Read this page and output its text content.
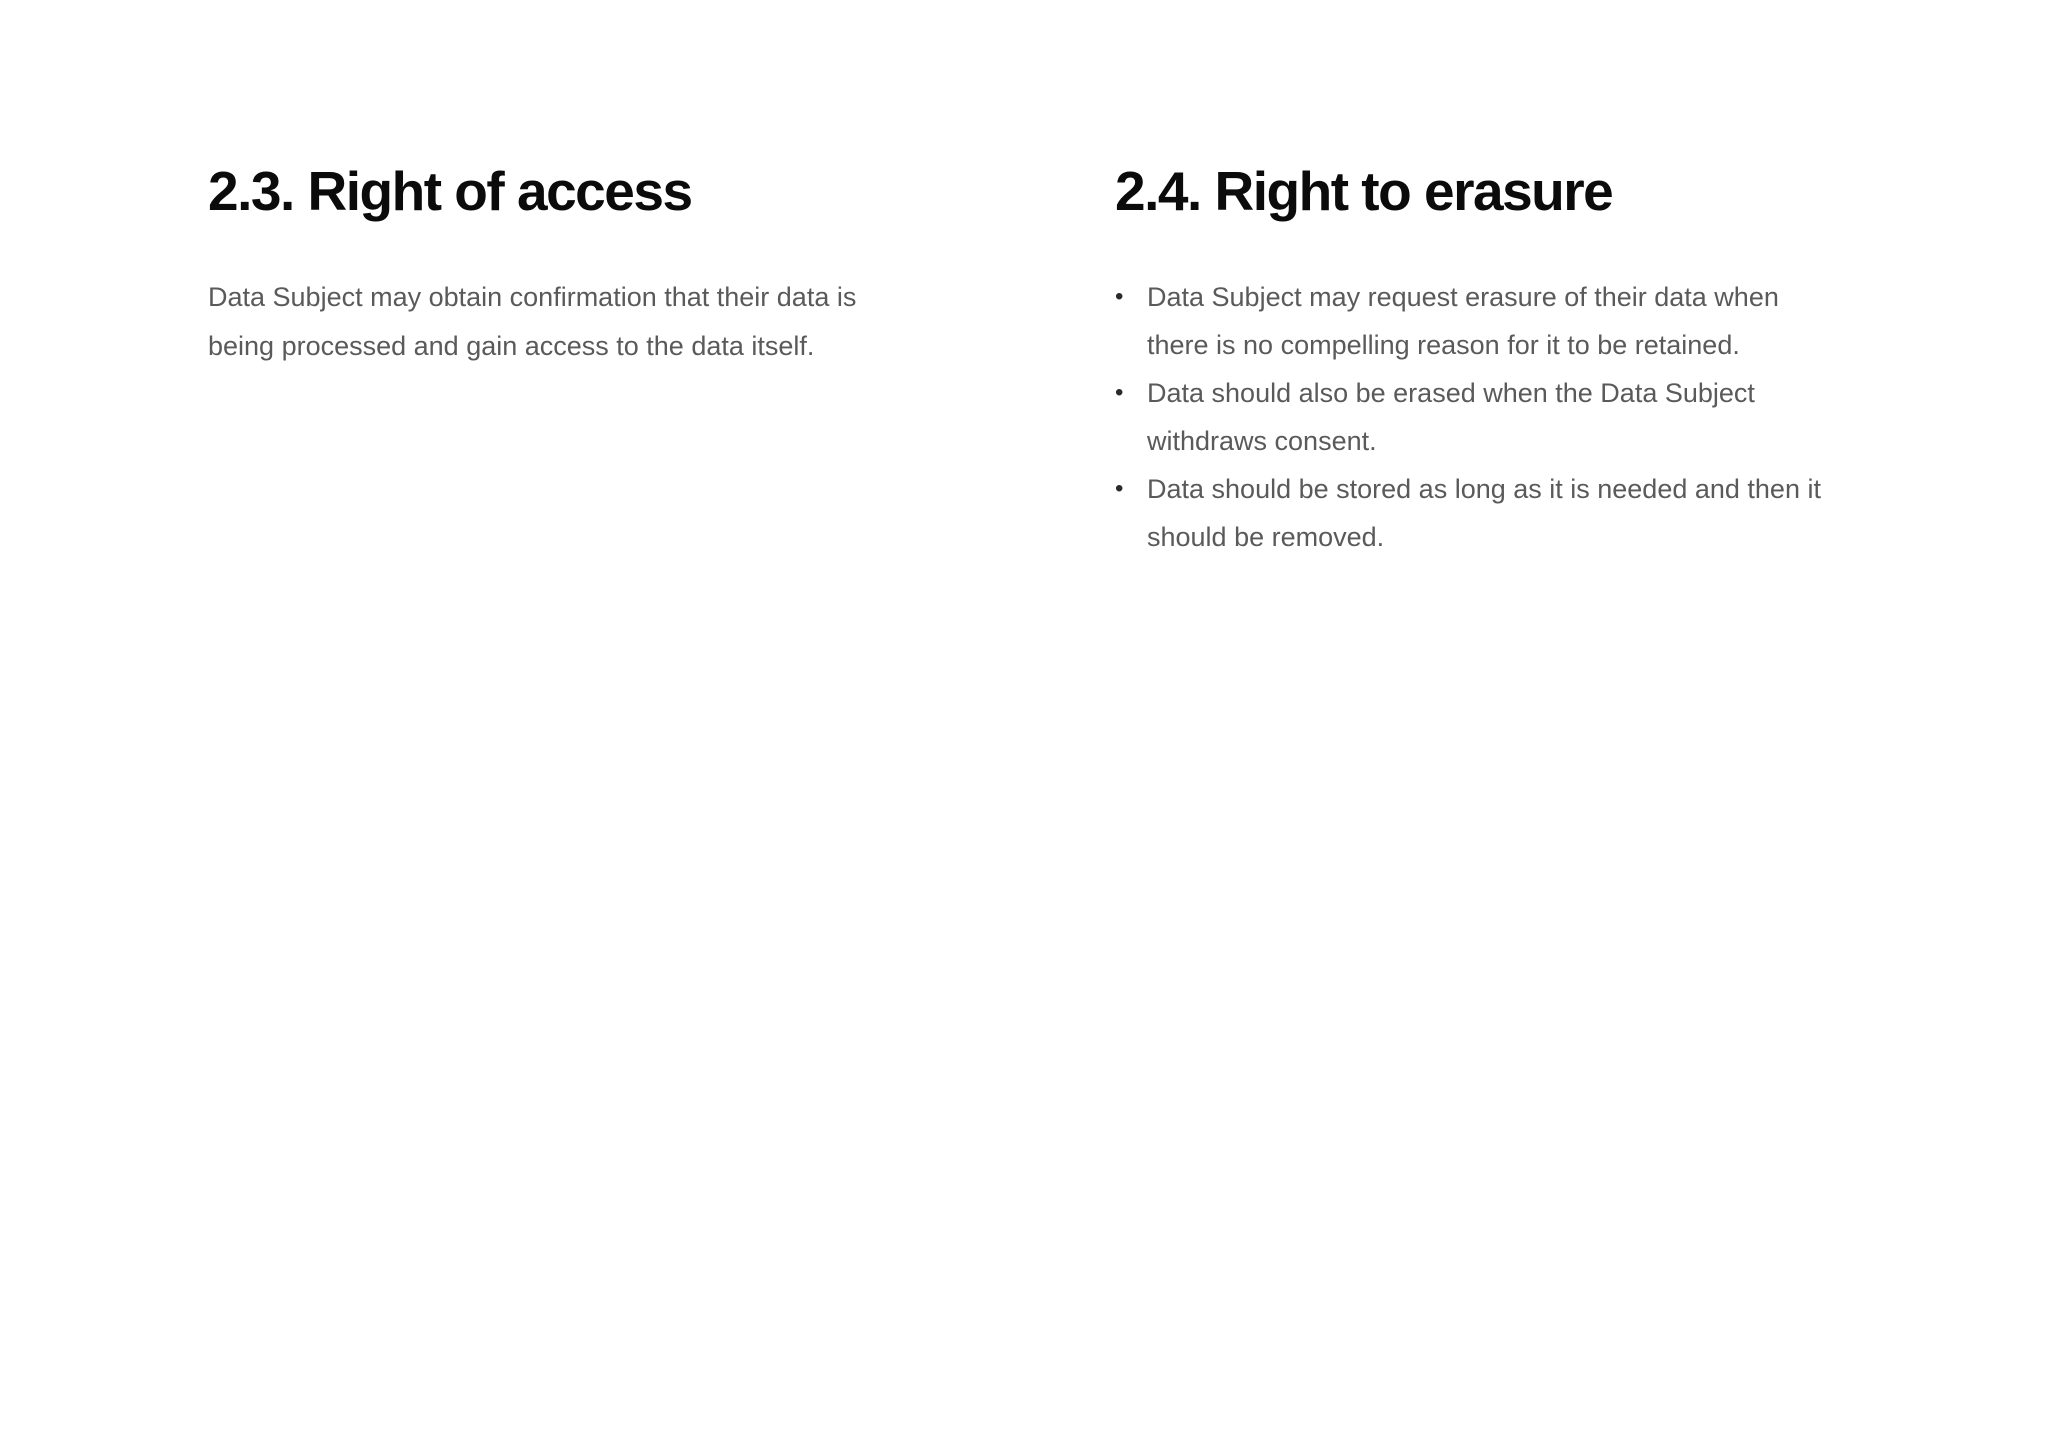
2.3. Right of access

Data Subject may obtain confirmation that their data is being processed and gain access to the data itself.

2.4. Right to erasure
• Data Subject may request erasure of their data when there is no compelling reason for it to be retained.
• Data should also be erased when the Data Subject withdraws consent.
• Data should be stored as long as it is needed and then it should be removed.
